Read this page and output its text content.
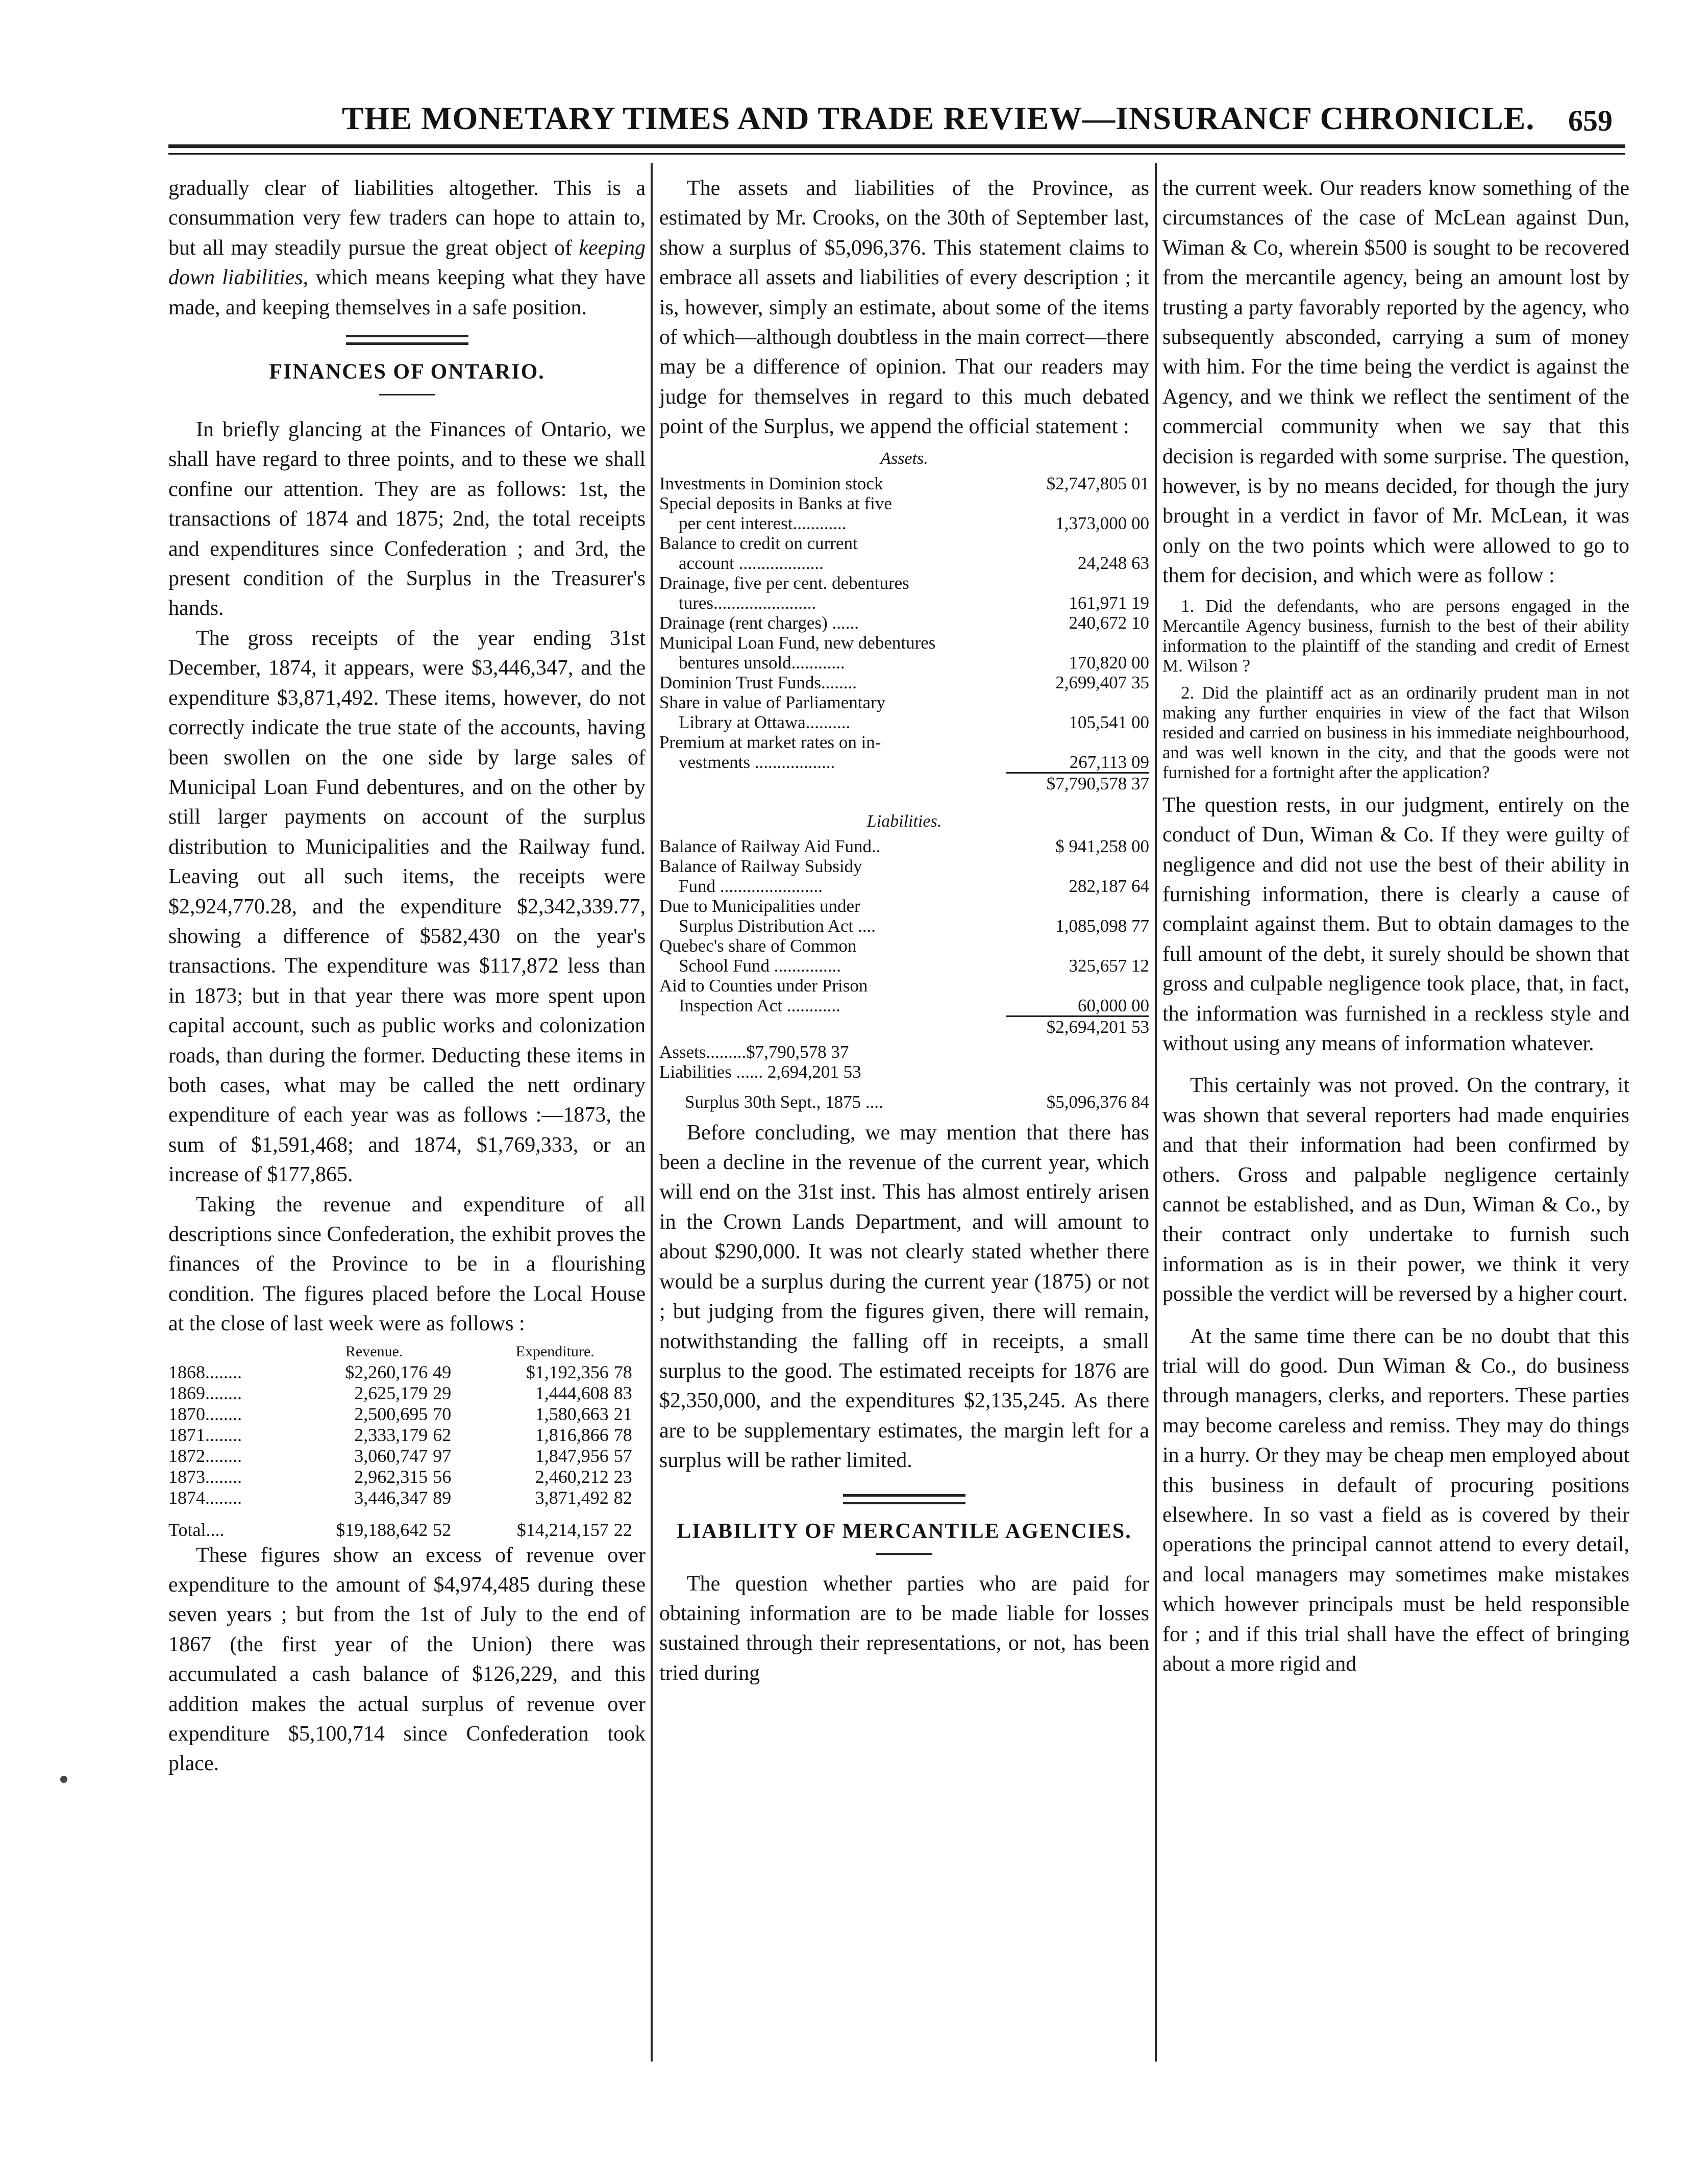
THE MONETARY TIMES AND TRADE REVIEW—INSURANCF CHRONICLE. 659

gradually clear of liabilities altogether. This is a consummation very few traders can hope to attain to, but all may steadily pursue the great object of keeping down liabilities, which means keeping what they have made, and keeping themselves in a safe position.

FINANCES OF ONTARIO.

In briefly glancing at the Finances of Ontario, we shall have regard to three points, and to these we shall confine our attention. They are as follows: 1st, the transactions of 1874 and 1875; 2nd, the total receipts and expenditures since Confederation ; and 3rd, the present condition of the Surplus in the Treasurer's hands.

The gross receipts of the year ending 31st December, 1874, it appears, were $3,446,347, and the expenditure $3,871,492. These items, however, do not correctly indicate the true state of the accounts, having been swollen on the one side by large sales of Municipal Loan Fund debentures, and on the other by still larger payments on account of the surplus distribution to Municipalities and the Railway fund. Leaving out all such items, the receipts were $2,924,770.28, and the expenditure $2,342,339.77, showing a difference of $582,430 on the year's transactions. The expenditure was $117,872 less than in 1873; but in that year there was more spent upon capital account, such as public works and colonization roads, than during the former. Deducting these items in both cases, what may be called the nett ordinary expenditure of each year was as follows :—1873, the sum of $1,591,468; and 1874, $1,769,333, or an increase of $177,865.

Taking the revenue and expenditure of all descriptions since Confederation, the exhibit proves the finances of the Province to be in a flourishing condition. The figures placed before the Local House at the close of last week were as follows :

	Revenue.		Expenditure.	
1868........	$2,260,176	49	$1,192,356	78
1869........	2,625,179	29	1,444,608	83
1870........	2,500,695	70	1,580,663	21
1871........	2,333,179	62	1,816,866	78
1872........	3,060,747	97	1,847,956	57
1873........	2,962,315	56	2,460,212	23
1874........	3,446,347	89	3,871,492	82

Total....	$19,188,642	52	$14,214,157	22

These figures show an excess of revenue over expenditure to the amount of $4,974,485 during these seven years ; but from the 1st of July to the end of 1867 (the first year of the Union) there was accumulated a cash balance of $126,229, and this addition makes the actual surplus of revenue over expenditure $5,100,714 since Confederation took place.

The assets and liabilities of the Province, as estimated by Mr. Crooks, on the 30th of September last, show a surplus of $5,096,376. This statement claims to embrace all assets and liabilities of every description ; it is, however, simply an estimate, about some of the items of which—although doubtless in the main correct—there may be a difference of opinion. That our readers may judge for themselves in regard to this much debated point of the Surplus, we append the official statement :

Assets.
Investments in Dominion stock	$2,747,805 01
Special deposits in Banks at five	
per cent interest............	1,373,000 00
Balance to credit on current	
account ...................	24,248 63
Drainage, five per cent. debentures	
tures.......................	161,971 19
Drainage (rent charges) ......	240,672 10
Municipal Loan Fund, new debentures	
bentures unsold............	170,820 00
Dominion Trust Funds........	2,699,407 35
Share in value of Parliamentary	
Library at Ottawa..........	105,541 00
Premium at market rates on in-	
vestments ..................	267,113 09
	$7,790,578 37
Liabilities.
Balance of Railway Aid Fund..	$ 941,258 00
Balance of Railway Subsidy	
Fund .......................	282,187 64
Due to Municipalities under	
Surplus Distribution Act ....	1,085,098 77
Quebec's share of Common	
School Fund ...............	325,657 12
Aid to Counties under Prison	
Inspection Act ............	60,000 00
	$2,694,201 53

Assets.........$7,790,578 37	
Liabilities ...... 2,694,201 53	

Surplus 30th Sept., 1875 ....	$5,096,376 84

Before concluding, we may mention that there has been a decline in the revenue of the current year, which will end on the 31st inst. This has almost entirely arisen in the Crown Lands Department, and will amount to about $290,000. It was not clearly stated whether there would be a surplus during the current year (1875) or not ; but judging from the figures given, there will remain, notwithstanding the falling off in receipts, a small surplus to the good. The estimated receipts for 1876 are $2,350,000, and the expenditures $2,135,245. As there are to be supplementary estimates, the margin left for a surplus will be rather limited.

LIABILITY OF MERCANTILE AGENCIES.

The question whether parties who are paid for obtaining information are to be made liable for losses sustained through their representations, or not, has been tried during

the current week. Our readers know something of the circumstances of the case of McLean against Dun, Wiman & Co, wherein $500 is sought to be recovered from the mercantile agency, being an amount lost by trusting a party favorably reported by the agency, who subsequently absconded, carrying a sum of money with him. For the time being the verdict is against the Agency, and we think we reflect the sentiment of the commercial community when we say that this decision is regarded with some surprise. The question, however, is by no means decided, for though the jury brought in a verdict in favor of Mr. McLean, it was only on the two points which were allowed to go to them for decision, and which were as follow :

1. Did the defendants, who are persons engaged in the Mercantile Agency business, furnish to the best of their ability information to the plaintiff of the standing and credit of Ernest M. Wilson ?

2. Did the plaintiff act as an ordinarily prudent man in not making any further enquiries in view of the fact that Wilson resided and carried on business in his immediate neighbourhood, and was well known in the city, and that the goods were not furnished for a fortnight after the application?

The question rests, in our judgment, entirely on the conduct of Dun, Wiman & Co. If they were guilty of negligence and did not use the best of their ability in furnishing information, there is clearly a cause of complaint against them. But to obtain damages to the full amount of the debt, it surely should be shown that gross and culpable negligence took place, that, in fact, the information was furnished in a reckless style and without using any means of information whatever.

This certainly was not proved. On the contrary, it was shown that several reporters had made enquiries and that their information had been confirmed by others. Gross and palpable negligence certainly cannot be established, and as Dun, Wiman & Co., by their contract only undertake to furnish such information as is in their power, we think it very possible the verdict will be reversed by a higher court.

At the same time there can be no doubt that this trial will do good. Dun Wiman & Co., do business through managers, clerks, and reporters. These parties may become careless and remiss. They may do things in a hurry. Or they may be cheap men employed about this business in default of procuring positions elsewhere. In so vast a field as is covered by their operations the principal cannot attend to every detail, and local managers may sometimes make mistakes which however principals must be held responsible for ; and if this trial shall have the effect of bringing about a more rigid and
